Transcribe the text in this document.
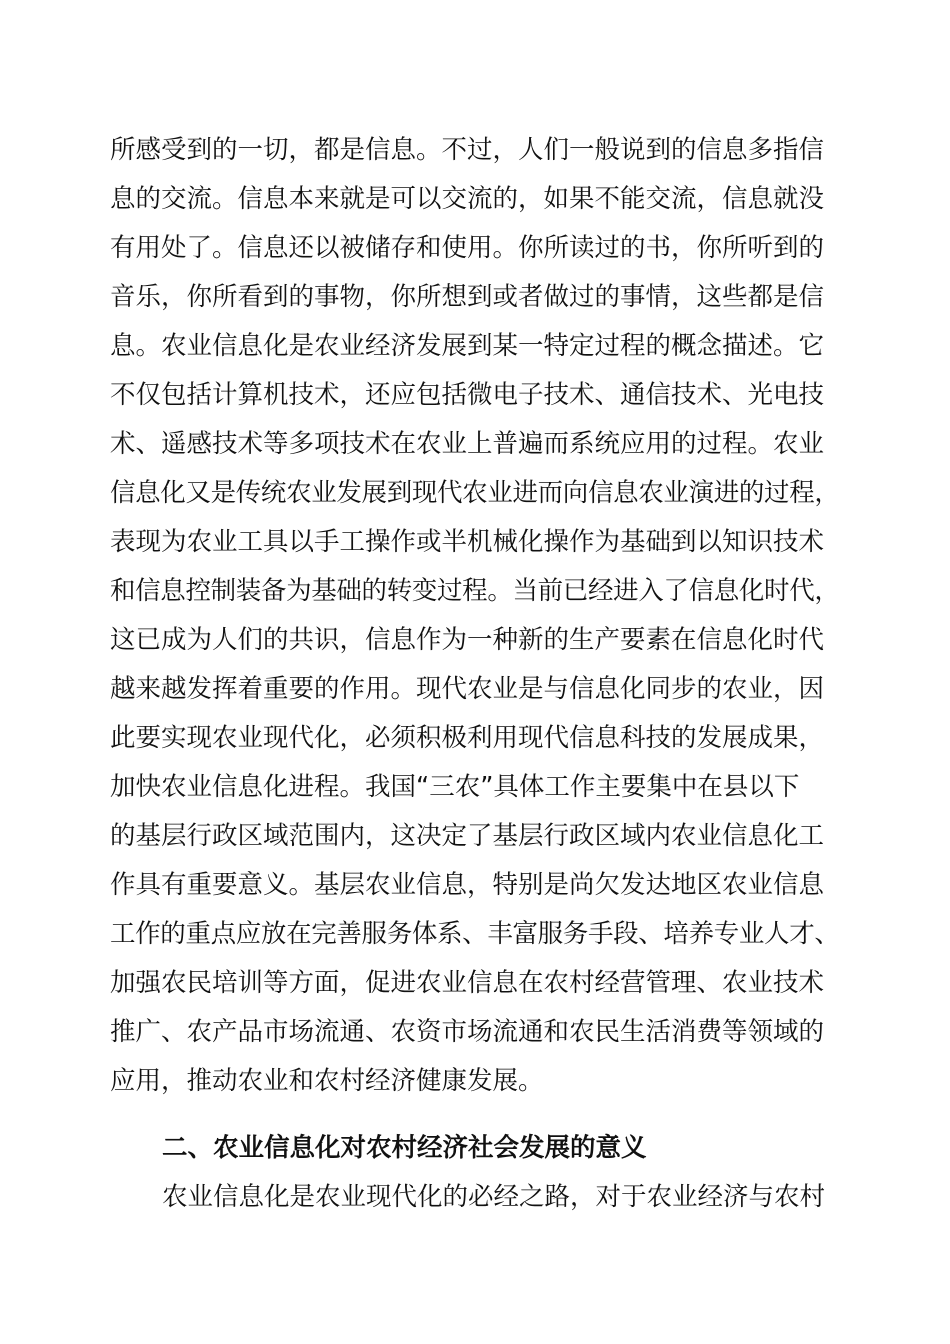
所感受到的一切，都是信息。不过，人们一般说到的信息多指信
息的交流。信息本来就是可以交流的，如果不能交流，信息就没
有用处了。信息还以被储存和使用。你所读过的书，你所听到的
音乐，你所看到的事物，你所想到或者做过的事情，这些都是信
息。农业信息化是农业经济发展到某一特定过程的概念描述。它
不仅包括计算机技术，还应包括微电子技术、通信技术、光电技
术、遥感技术等多项技术在农业上普遍而系统应用的过程。农业
信息化又是传统农业发展到现代农业进而向信息农业演进的过程，
表现为农业工具以手工操作或半机械化操作为基础到以知识技术
和信息控制装备为基础的转变过程。当前已经进入了信息化时代，
这已成为人们的共识，信息作为一种新的生产要素在信息化时代
越来越发挥着重要的作用。现代农业是与信息化同步的农业，因
此要实现农业现代化，必须积极利用现代信息科技的发展成果，
加快农业信息化进程。我国“三农”具体工作主要集中在县以下
的基层行政区域范围内，这决定了基层行政区域内农业信息化工
作具有重要意义。基层农业信息，特别是尚欠发达地区农业信息
工作的重点应放在完善服务体系、丰富服务手段、培养专业人才、
加强农民培训等方面，促进农业信息在农村经营管理、农业技术
推广、农产品市场流通、农资市场流通和农民生活消费等领域的
应用，推动农业和农村经济健康发展。
二、农业信息化对农村经济社会发展的意义
农业信息化是农业现代化的必经之路，对于农业经济与农村
